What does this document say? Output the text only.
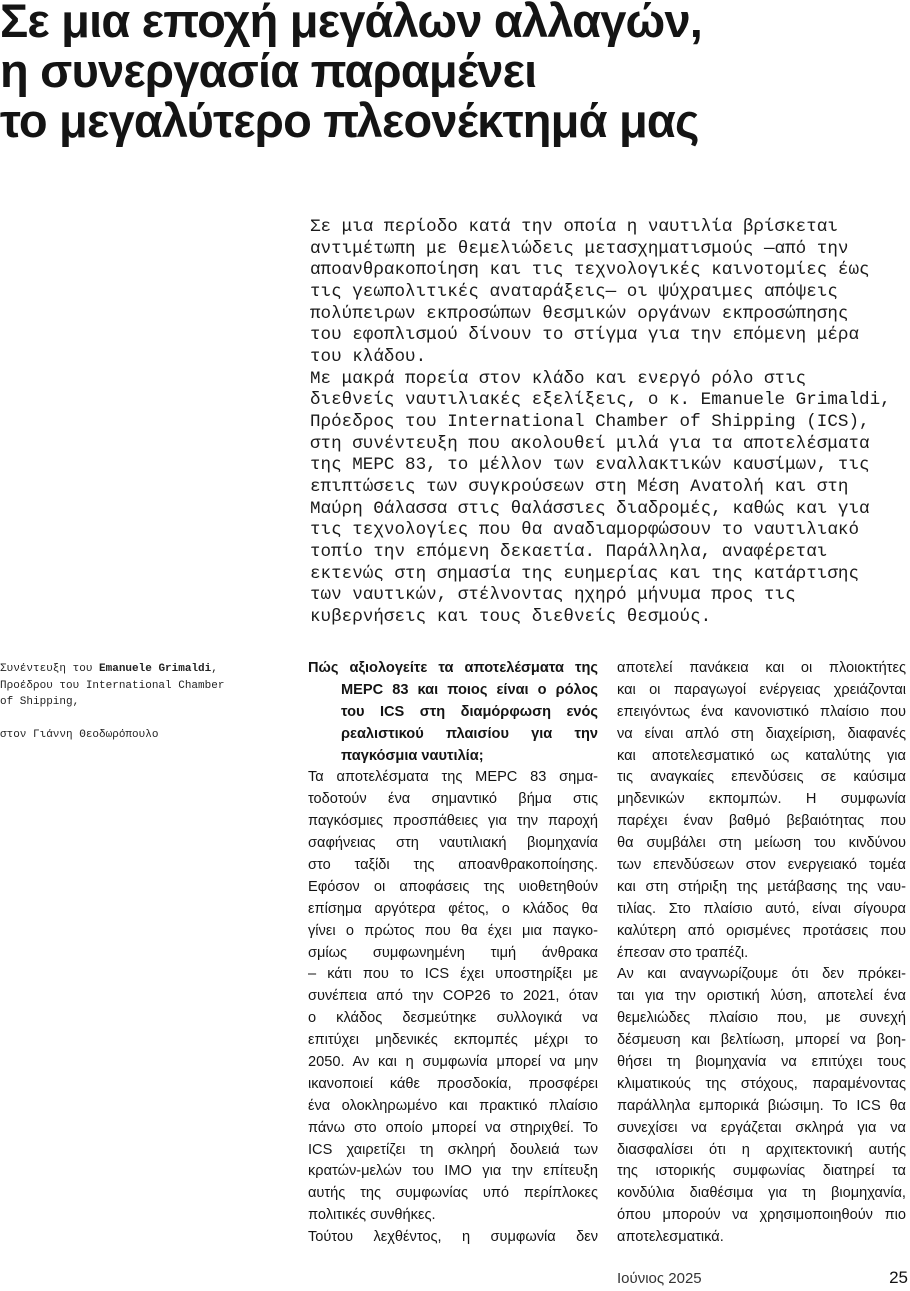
Σε μια εποχή μεγάλων αλλαγών,
η συνεργασία παραμένει
το μεγαλύτερο πλεονέκτημά μας
Σε μια περίοδο κατά την οποία η ναυτιλία βρίσκεται
αντιμέτωπη με θεμελιώδεις μετασχηματισμούς —από την
απoανθρακοποίηση και τις τεχνολογικές καινοτομίες έως
τις γεωπολιτικές αναταράξεις— οι ψύχραιμες απόψεις
πολύπειρων εκπροσώπων θεσμικών οργάνων εκπροσώπησης
του εφοπλισμού δίνουν το στίγμα για την επόμενη μέρα
του κλάδου.
Με μακρά πορεία στον κλάδο και ενεργό ρόλο στις
διεθνείς ναυτιλιακές εξελίξεις, ο κ. Emanuele Grimaldi,
Πρόεδρος του International Chamber of Shipping (ICS),
στη συνέντευξη που ακολουθεί μιλά για τα αποτελέσματα
της MEPC 83, το μέλλον των εναλλακτικών καυσίμων, τις
επιπτώσεις των συγκρούσεων στη Μέση Ανατολή και στη
Μαύρη Θάλασσα στις θαλάσσιες διαδρομές, καθώς και για
τις τεχνολογίες που θα αναδιαμορφώσουν το ναυτιλιακό
τοπίο την επόμενη δεκαετία. Παράλληλα, αναφέρεται
εκτενώς στη σημασία της ευημερίας και της κατάρτισης
των ναυτικών, στέλνοντας ηχηρό μήνυμα προς τις
κυβερνήσεις και τους διεθνείς θεσμούς.
Συνέντευξη του Emanuele Grimaldi,
Προέδρου του International Chamber
of Shipping,
στον Γιάννη Θεοδωρόπουλο
Πώς αξιολογείτε τα αποτελέσματα της
MEPC 83 και ποιος είναι ο ρόλος
του ICS στη διαμόρφωση ενός
ρεαλιστικού πλαισίου για την
παγκόσμια ναυτιλία;
Τα αποτελέσματα της MEPC 83 σημα-
τοδοτούν ένα σημαντικό βήμα στις
παγκόσμιες προσπάθειες για την παροχή
σαφήνειας στη ναυτιλιακή βιομηχανία
στο ταξίδι της απoανθρακοποίησης.
Εφόσον οι αποφάσεις της υιοθετηθούν
επίσημα αργότερα φέτος, ο κλάδος θα
γίνει ο πρώτος που θα έχει μια παγκο-
σμίως συμφωνημένη τιμή άνθρακα
– κάτι που το ICS έχει υποστηρίξει με
συνέπεια από την COP26 το 2021, όταν
ο κλάδος δεσμεύτηκε συλλογικά να
επιτύχει μηδενικές εκπομπές μέχρι το
2050. Αν και η συμφωνία μπορεί να μην
ικανοποιεί κάθε προσδοκία, προσφέρει
ένα ολοκληρωμένο και πρακτικό πλαίσιο
πάνω στο οποίο μπορεί να στηριχθεί. Το
ICS χαιρετίζει τη σκληρή δουλειά των
κρατών-μελών του ΙΜΟ για την επίτευξη
αυτής της συμφωνίας υπό περίπλοκες
πολιτικές συνθήκες.
Τούτου λεχθέντος, η συμφωνία δεν
αποτελεί πανάκεια και οι πλοιοκτήτες
και οι παραγωγοί ενέργειας χρειάζονται
επειγόντως ένα κανονιστικό πλαίσιο που
να είναι απλό στη διαχείριση, διαφανές
και αποτελεσματικό ως καταλύτης για
τις αναγκαίες επενδύσεις σε καύσιμα
μηδενικών εκπομπών. Η συμφωνία
παρέχει έναν βαθμό βεβαιότητας που
θα συμβάλει στη μείωση του κινδύνου
των επενδύσεων στον ενεργειακό τομέα
και στη στήριξη της μετάβασης της ναυ-
τιλίας. Στο πλαίσιο αυτό, είναι σίγουρα
καλύτερη από ορισμένες προτάσεις που
έπεσαν στο τραπέζι.
Αν και αναγνωρίζουμε ότι δεν πρόκει-
ται για την οριστική λύση, αποτελεί ένα
θεμελιώδες πλαίσιο που, με συνεχή
δέσμευση και βελτίωση, μπορεί να βοη-
θήσει τη βιομηχανία να επιτύχει τους
κλιματικούς της στόχους, παραμένοντας
παράλληλα εμπορικά βιώσιμη. Το ICS θα
συνεχίσει να εργάζεται σκληρά για να
διασφαλίσει ότι η αρχιτεκτονική αυτής
της ιστορικής συμφωνίας διατηρεί τα
κονδύλια διαθέσιμα για τη βιομηχανία,
όπου μπορούν να χρησιμοποιηθούν πιο
αποτελεσματικά.
Ιούνιος 2025	25
